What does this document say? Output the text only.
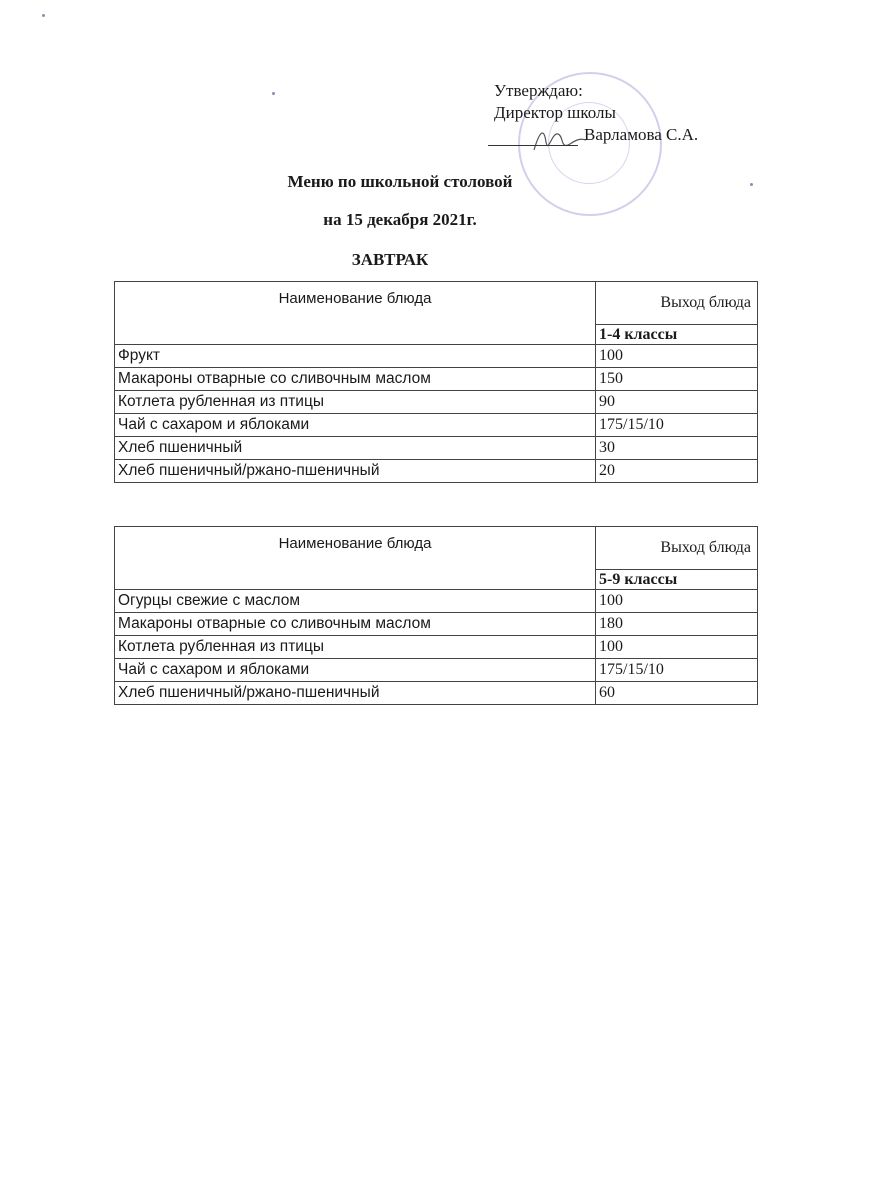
Утверждаю:
Директор школы

Варламова С.А.
Меню по школьной столовой
на 15 декабря 2021г.
ЗАВТРАК
Наименование блюда	Выход блюда
	1-4 классы
Фрукт	100
Макароны отварные со сливочным маслом	150
Котлета рубленная из птицы	90
Чай с сахаром и яблоками	175/15/10
Хлеб пшеничный	30
Хлеб пшеничный/ржано-пшеничный	20
Наименование блюда	Выход блюда
	5-9 классы
Огурцы свежие с маслом	100
Макароны отварные со сливочным маслом	180
Котлета рубленная из птицы	100
Чай с сахаром и яблоками	175/15/10
Хлеб пшеничный/ржано-пшеничный	60
